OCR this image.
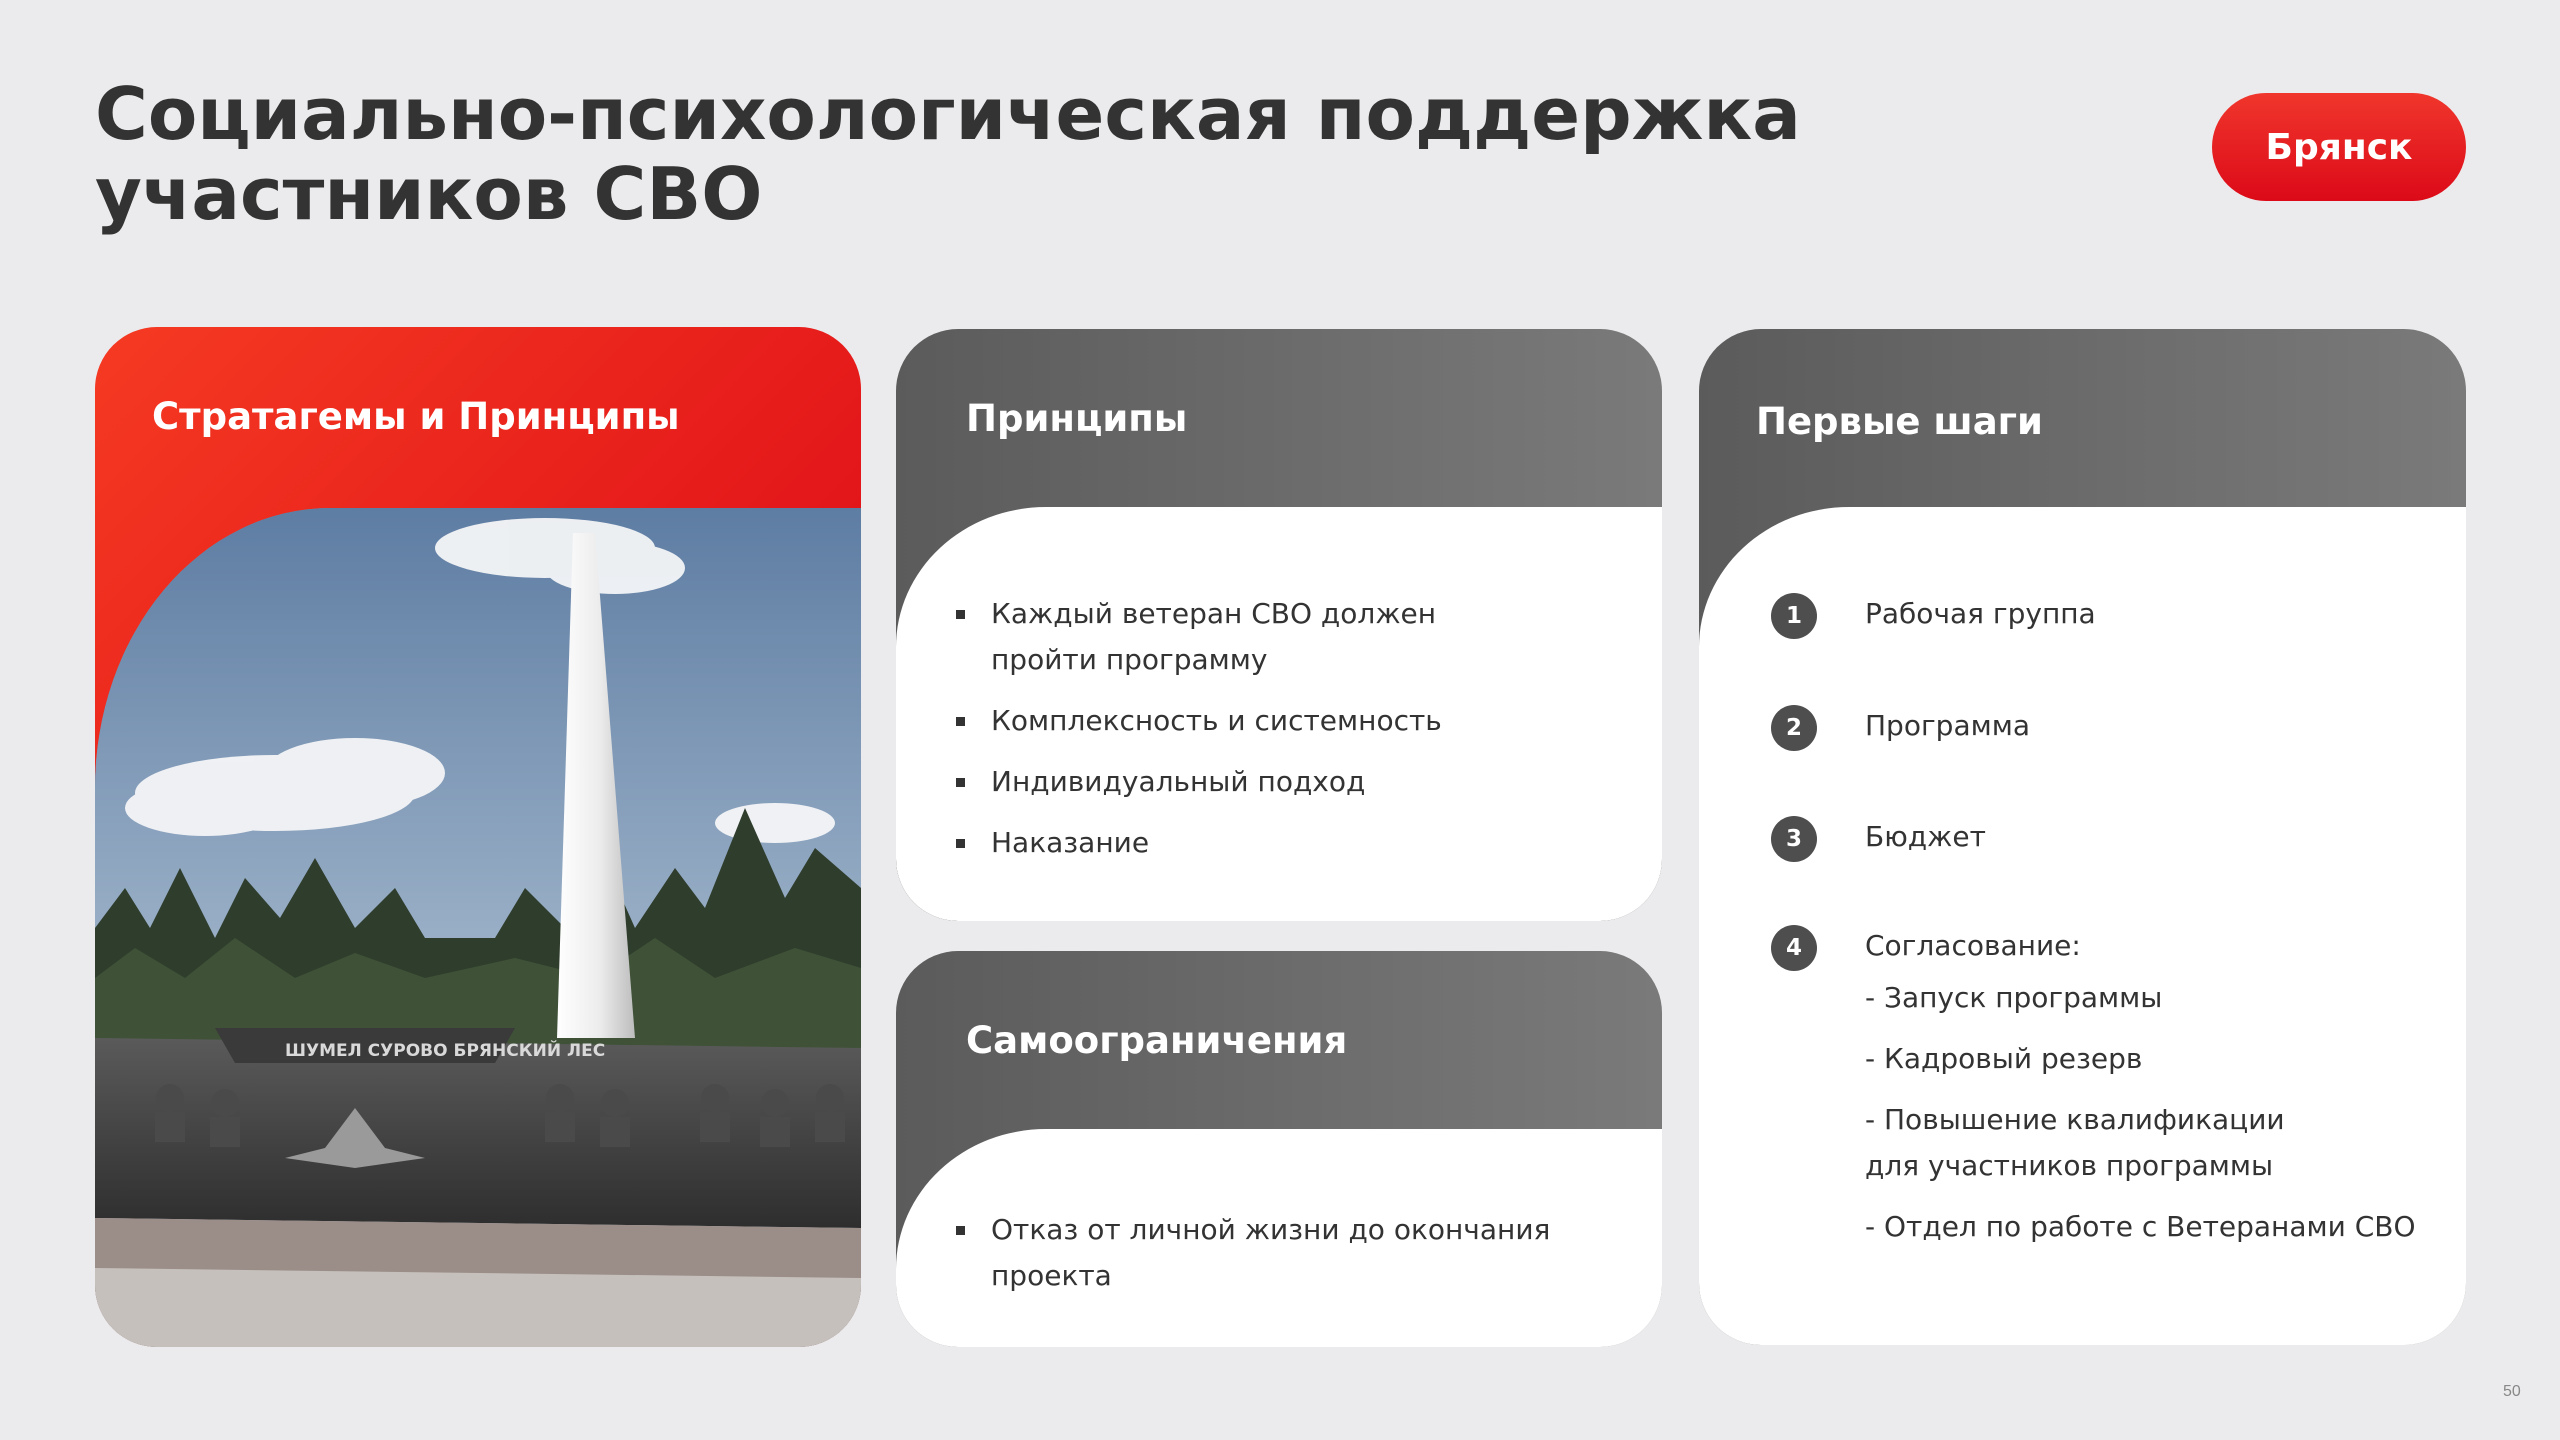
Социально-психологическая поддержка
участников СВО
Брянск
Стратагемы и Принципы
ШУМЕЛ СУРОВО БРЯНСКИЙ ЛЕС
Принципы
Каждый ветеран СВО должен пройти программу
Комплексность и системность
Индивидуальный подход
Наказание
Самоограничения
Отказ от личной жизни до окончания проекта
Первые шаги
1	Рабочая группа
2	Программа
3	Бюджет
4	Согласование:
- Запуск программы
- Кадровый резерв
- Повышение квалификации
для участников программы
- Отдел по работе с Ветеранами СВО
50
